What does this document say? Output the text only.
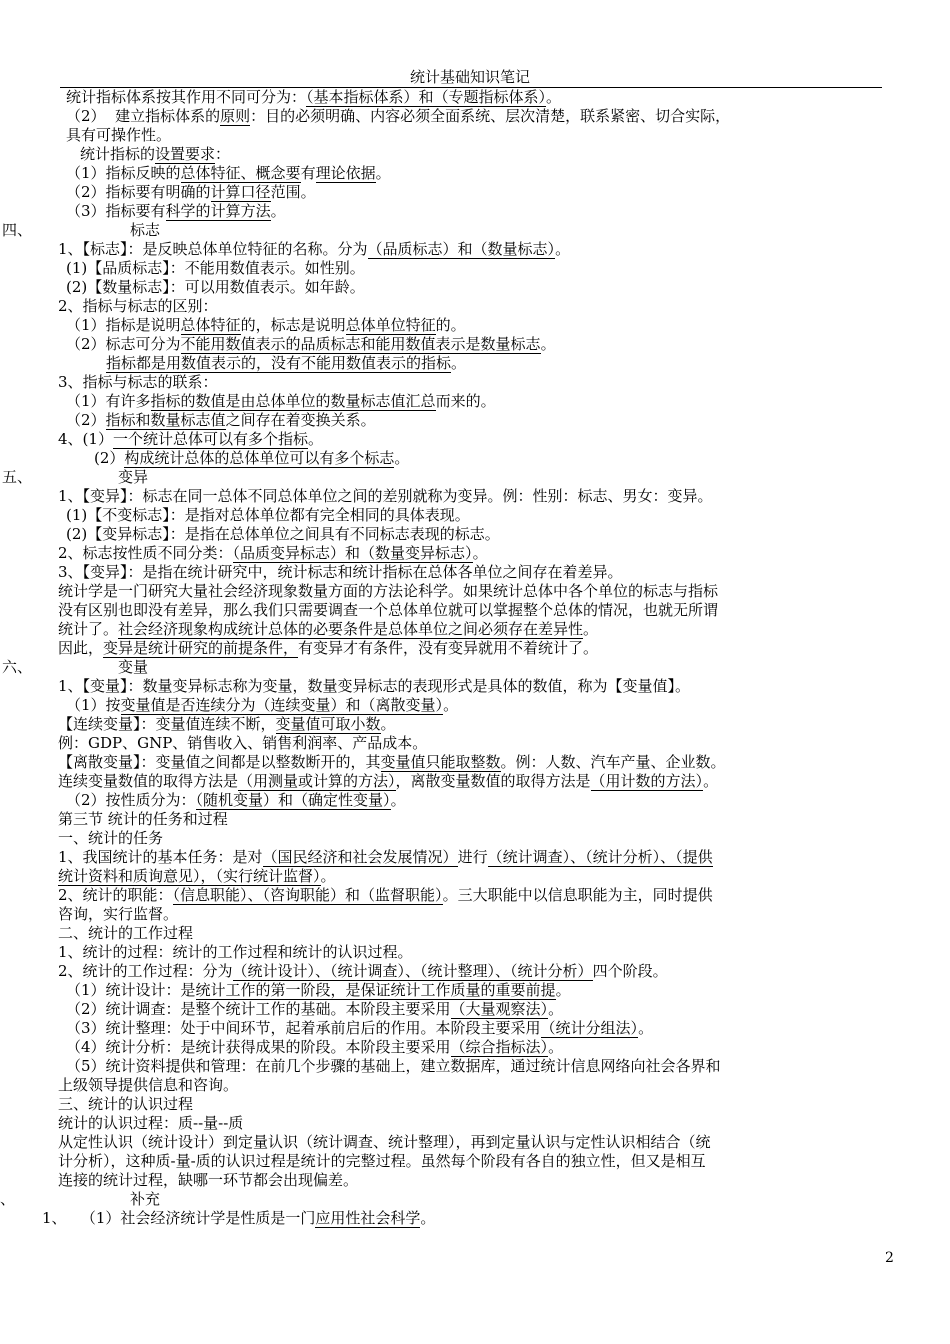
统计基础知识笔记
统计指标体系按其作用不同可分为：（基本指标体系）和（专题指标体系）。
（2）  建立指标体系的原则：目的必须明确、内容必须全面系统、层次清楚，联系紧密、切合实际，
具有可操作性。
统计指标的设置要求：
（1）指标反映的总体特征、概念要有理论依据。
（2）指标要有明确的计算口径范围。
（3）指标要有科学的计算方法。
四、	标志
1、【标志】：是反映总体单位特征的名称。分为（品质标志）和（数量标志）。
(1)【品质标志】：不能用数值表示。如性别。
(2)【数量标志】：可以用数值表示。如年龄。
2、指标与标志的区别：
（1）指标是说明总体特征的，标志是说明总体单位特征的。
（2）标志可分为不能用数值表示的品质标志和能用数值表示是数量标志。
指标都是用数值表示的，没有不能用数值表示的指标。
3、指标与标志的联系：
（1）有许多指标的数值是由总体单位的数量标志值汇总而来的。
（2）指标和数量标志值之间存在着变换关系。
4、(1）一个统计总体可以有多个指标。
(2）构成统计总体的总体单位可以有多个标志。
五、	变异
1、【变异】：标志在同一总体不同总体单位之间的差别就称为变异。例：性别：标志、男女：变异。
(1)【不变标志】：是指对总体单位都有完全相同的具体表现。
(2)【变异标志】：是指在总体单位之间具有不同标志表现的标志。
2、标志按性质不同分类：（品质变异标志）和（数量变异标志）。
3、【变异】：是指在统计研究中，统计标志和统计指标在总体各单位之间存在着差异。
统计学是一门研究大量社会经济现象数量方面的方法论科学。如果统计总体中各个单位的标志与指标
没有区别也即没有差异，那么我们只需要调查一个总体单位就可以掌握整个总体的情况，也就无所谓
统计了。社会经济现象构成统计总体的必要条件是总体单位之间必须存在差异性。
因此，变异是统计研究的前提条件，有变异才有条件，没有变异就用不着统计了。
六、	变量
1、【变量】：数量变异标志称为变量，数量变异标志的表现形式是具体的数值，称为【变量值】。
（1）按变量值是否连续分为（连续变量）和（离散变量）。
【连续变量】：变量值连续不断，变量值可取小数。
例：GDP、GNP、销售收入、销售利润率、产品成本。
【离散变量】：变量值之间都是以整数断开的，其变量值只能取整数。例：人数、汽车产量、企业数。
连续变量数值的取得方法是（用测量或计算的方法），离散变量数值的取得方法是（用计数的方法）。
（2）按性质分为：（随机变量）和（确定性变量）。
第三节 统计的任务和过程
一、统计的任务
1、我国统计的基本任务：是对（国民经济和社会发展情况）进行（统计调查）、（统计分析）、（提供
统计资料和质询意见），（实行统计监督）。
2、统计的职能：（信息职能）、（咨询职能）和（监督职能）。三大职能中以信息职能为主，同时提供
咨询，实行监督。
二、统计的工作过程
1、统计的过程：统计的工作过程和统计的认识过程。
2、统计的工作过程：分为（统计设计）、（统计调查）、（统计整理）、（统计分析）四个阶段。
（1）统计设计：是统计工作的第一阶段，是保证统计工作质量的重要前提。
（2）统计调查：是整个统计工作的基础。本阶段主要采用（大量观察法）。
（3）统计整理：处于中间环节，起着承前启后的作用。本阶段主要采用（统计分组法）。
（4）统计分析：是统计获得成果的阶段。本阶段主要采用（综合指标法）。
（5）统计资料提供和管理：在前几个步骤的基础上，建立数据库，通过统计信息网络向社会各界和
上级领导提供信息和咨询。
三、统计的认识过程
统计的认识过程：质--量--质
从定性认识（统计设计）到定量认识（统计调查、统计整理），再到定量认识与定性认识相结合（统
计分析），这种质-量-质的认识过程是统计的完整过程。虽然每个阶段有各自的独立性，但又是相互
连接的统计过程，缺哪一环节都会出现偏差。
、	补充
1、   （1）社会经济统计学是性质是一门应用性社会科学。
2
